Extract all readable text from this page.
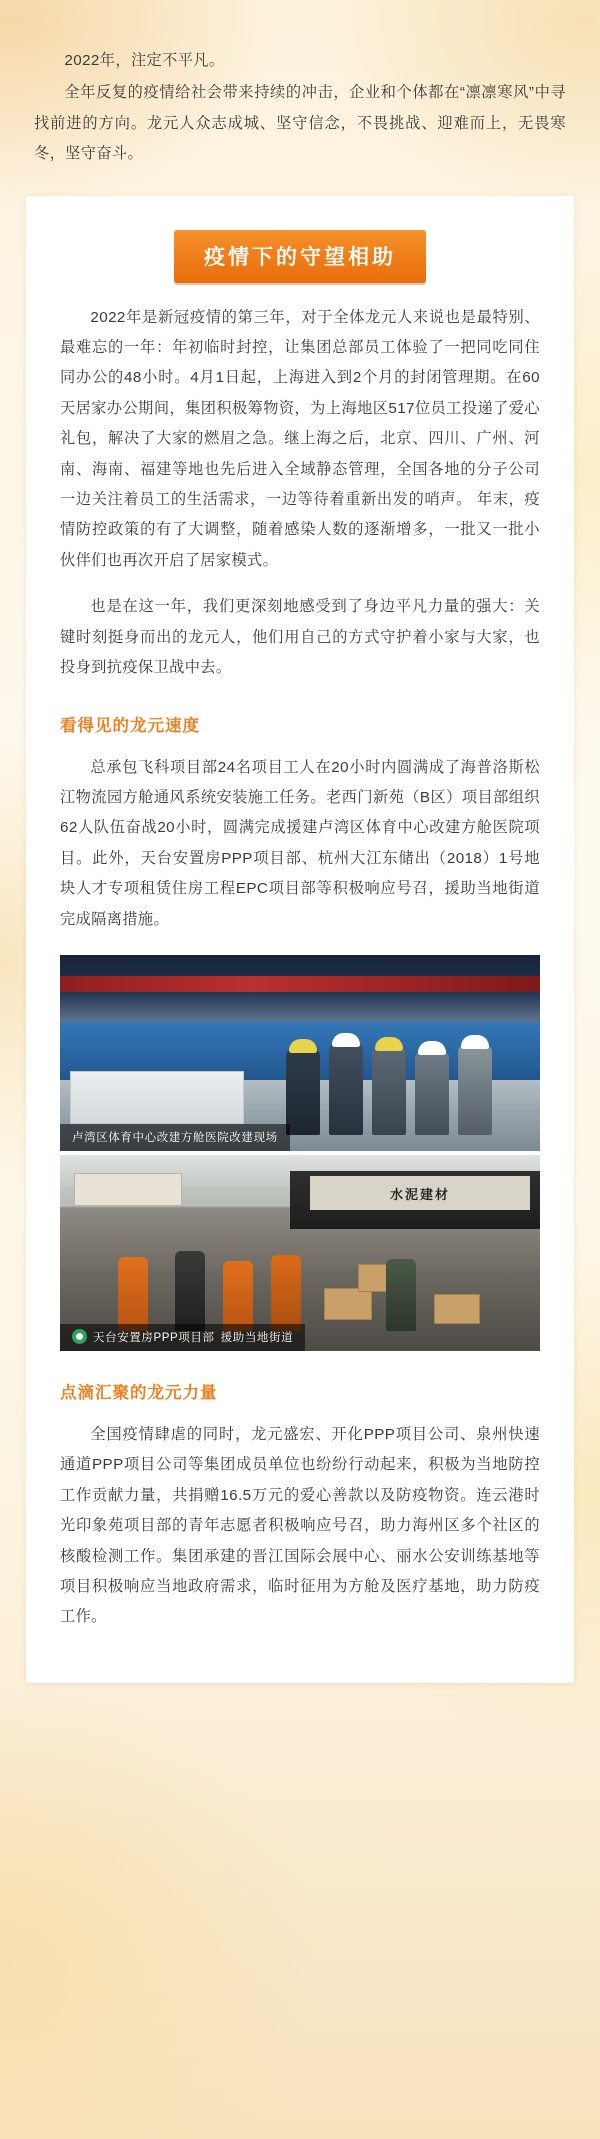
2022年，注定不平凡。

全年反复的疫情给社会带来持续的冲击，企业和个体都在“凛凛寒风”中寻找前进的方向。龙元人众志成城、坚守信念，不畏挑战、迎难而上，无畏寒冬，坚守奋斗。

疫情下的守望相助

2022年是新冠疫情的第三年，对于全体龙元人来说也是最特别、最难忘的一年：年初临时封控，让集团总部员工体验了一把同吃同住同办公的48小时。4月1日起，上海进入到2个月的封闭管理期。在60天居家办公期间，集团积极筹物资，为上海地区517位员工投递了爱心礼包，解决了大家的燃眉之急。继上海之后，北京、四川、广州、河南、海南、福建等地也先后进入全域静态管理，全国各地的分子公司一边关注着员工的生活需求，一边等待着重新出发的哨声。 年末，疫情防控政策的有了大调整，随着感染人数的逐渐增多，一批又一批小伙伴们也再次开启了居家模式。

也是在这一年，我们更深刻地感受到了身边平凡力量的强大：关键时刻挺身而出的龙元人，他们用自己的方式守护着小家与大家，也投身到抗疫保卫战中去。

看得见的龙元速度

总承包飞科项目部24名项目工人在20小时内圆满成了海普洛斯松江物流园方舱通风系统安装施工任务。老西门新苑（B区）项目部组织62人队伍奋战20小时，圆满完成援建卢湾区体育中心改建方舱医院项目。此外，天台安置房PPP项目部、杭州大江东储出（2018）1号地块人才专项租赁住房工程EPC项目部等积极响应号召，援助当地街道完成隔离措施。

卢湾区体育中心改建方舱医院改建现场
水泥建材
天台安置房PPP项目部 援助当地街道
点滴汇聚的龙元力量

全国疫情肆虐的同时，龙元盛宏、开化PPP项目公司、泉州快速通道PPP项目公司等集团成员单位也纷纷行动起来，积极为当地防控工作贡献力量，共捐赠16.5万元的爱心善款以及防疫物资。连云港时光印象苑项目部的青年志愿者积极响应号召，助力海州区多个社区的核酸检测工作。集团承建的晋江国际会展中心、丽水公安训练基地等项目积极响应当地政府需求，临时征用为方舱及医疗基地，助力防疫工作。
